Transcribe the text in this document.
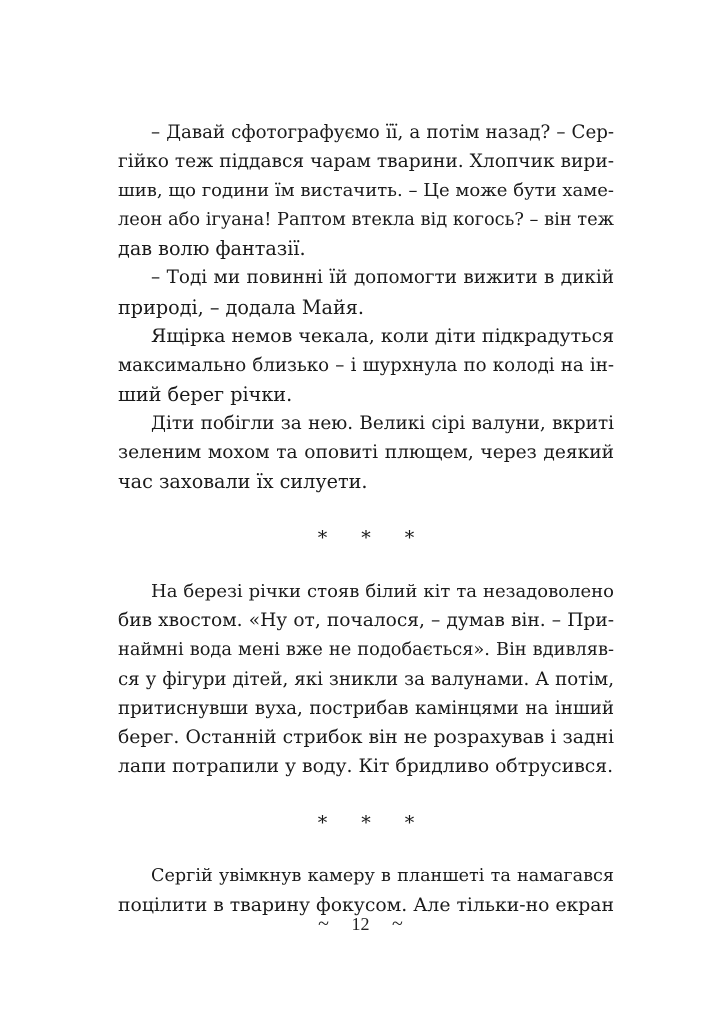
– Давай сфотографуємо її, а потім назад? – Сер-
гійко теж піддався чарам тварини. Хлопчик вири-
шив, що години їм вистачить. – Це може бути хаме-
леон або ігуана! Раптом втекла від когось? – він теж
дав волю фантазії.
– Тоді ми повинні їй допомогти вижити в дикій
природі, – додала Майя.
Ящірка немов чекала, коли діти підкрадуться
максимально близько – і шурхнула по колоді на ін-
ший берег річки.
Діти побігли за нею. Великі сірі валуни, вкриті
зеленим мохом та оповиті плющем, через деякий
час заховали їх силуети.
* * *
На березі річки стояв білий кіт та незадоволено
бив хвостом. «Ну от, почалося, – думав він. – При-
наймні вода мені вже не подобається». Він вдивляв-
ся у фігури дітей, які зникли за валунами. А потім,
притиснувши вуха, пострибав камінцями на інший
берег. Останній стрибок він не розрахував і задні
лапи потрапили у воду. Кіт бридливо обтрусився.
* * *
Сергій увімкнув камеру в планшеті та намагався
поцілити в тварину фокусом. Але тільки-но екран
~ 12 ~
